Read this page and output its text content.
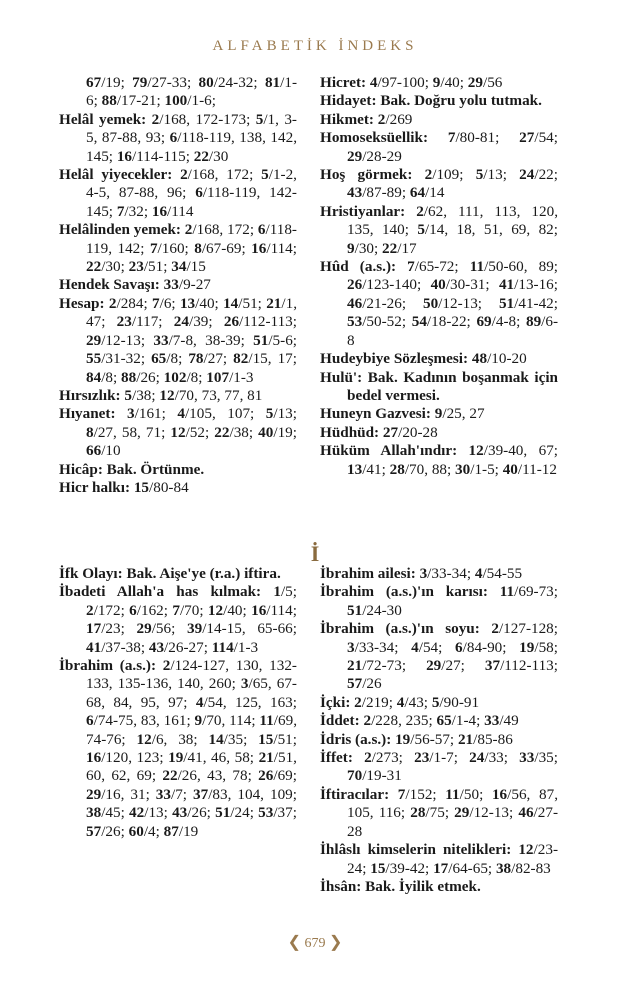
ALFABETİK İNDEKS
67/19; 79/27-33; 80/24-32; 81/1-6; 88/17-21; 100/1-6;
Helâl yemek: 2/168, 172-173; 5/1, 3-5, 87-88, 93; 6/118-119, 138, 142, 145; 16/114-115; 22/30
Helâl yiyecekler: 2/168, 172; 5/1-2, 4-5, 87-88, 96; 6/118-119, 142-145; 7/32; 16/114
Helâlinden yemek: 2/168, 172; 6/118-119, 142; 7/160; 8/67-69; 16/114; 22/30; 23/51; 34/15
Hendek Savaşı: 33/9-27
Hesap: 2/284; 7/6; 13/40; 14/51; 21/1, 47; 23/117; 24/39; 26/112-113; 29/12-13; 33/7-8, 38-39; 51/5-6; 55/31-32; 65/8; 78/27; 82/15, 17; 84/8; 88/26; 102/8; 107/1-3
Hırsızlık: 5/38; 12/70, 73, 77, 81
Hıyanet: 3/161; 4/105, 107; 5/13; 8/27, 58, 71; 12/52; 22/38; 40/19; 66/10
Hicâp: Bak. Örtünme.
Hicr halkı: 15/80-84
Hicret: 4/97-100; 9/40; 29/56
Hidayet: Bak. Doğru yolu tutmak.
Hikmet: 2/269
Homoseksüellik: 7/80-81; 27/54; 29/28-29
Hoş görmek: 2/109; 5/13; 24/22; 43/87-89; 64/14
Hristiyanlar: 2/62, 111, 113, 120, 135, 140; 5/14, 18, 51, 69, 82; 9/30; 22/17
Hûd (a.s.): 7/65-72; 11/50-60, 89; 26/123-140; 40/30-31; 41/13-16; 46/21-26; 50/12-13; 51/41-42; 53/50-52; 54/18-22; 69/4-8; 89/6-8
Hudeybiye Sözleşmesi: 48/10-20
Hulü': Bak. Kadının boşanmak için bedel vermesi.
Huneyn Gazvesi: 9/25, 27
Hüdhüd: 27/20-28
Hüküm Allah'ındır: 12/39-40, 67; 13/41; 28/70, 88; 30/1-5; 40/11-12
İ
İfk Olayı: Bak. Aişe'ye (r.a.) iftira.
İbadeti Allah'a has kılmak: 1/5; 2/172; 6/162; 7/70; 12/40; 16/114; 17/23; 29/56; 39/14-15, 65-66; 41/37-38; 43/26-27; 114/1-3
İbrahim (a.s.): 2/124-127, 130, 132-133, 135-136, 140, 260; 3/65, 67-68, 84, 95, 97; 4/54, 125, 163; 6/74-75, 83, 161; 9/70, 114; 11/69, 74-76; 12/6, 38; 14/35; 15/51; 16/120, 123; 19/41, 46, 58; 21/51, 60, 62, 69; 22/26, 43, 78; 26/69; 29/16, 31; 33/7; 37/83, 104, 109; 38/45; 42/13; 43/26; 51/24; 53/37; 57/26; 60/4; 87/19
İbrahim ailesi: 3/33-34; 4/54-55
İbrahim (a.s.)'ın karısı: 11/69-73; 51/24-30
İbrahim (a.s.)'ın soyu: 2/127-128; 3/33-34; 4/54; 6/84-90; 19/58; 21/72-73; 29/27; 37/112-113; 57/26
İçki: 2/219; 4/43; 5/90-91
İddet: 2/228, 235; 65/1-4; 33/49
İdris (a.s.): 19/56-57; 21/85-86
İffet: 2/273; 23/1-7; 24/33; 33/35; 70/19-31
İftiracılar: 7/152; 11/50; 16/56, 87, 105, 116; 28/75; 29/12-13; 46/27-28
İhlâslı kimselerin nitelikleri: 12/23-24; 15/39-42; 17/64-65; 38/82-83
İhsân: Bak. İyilik etmek.
❮ 679 ❯
